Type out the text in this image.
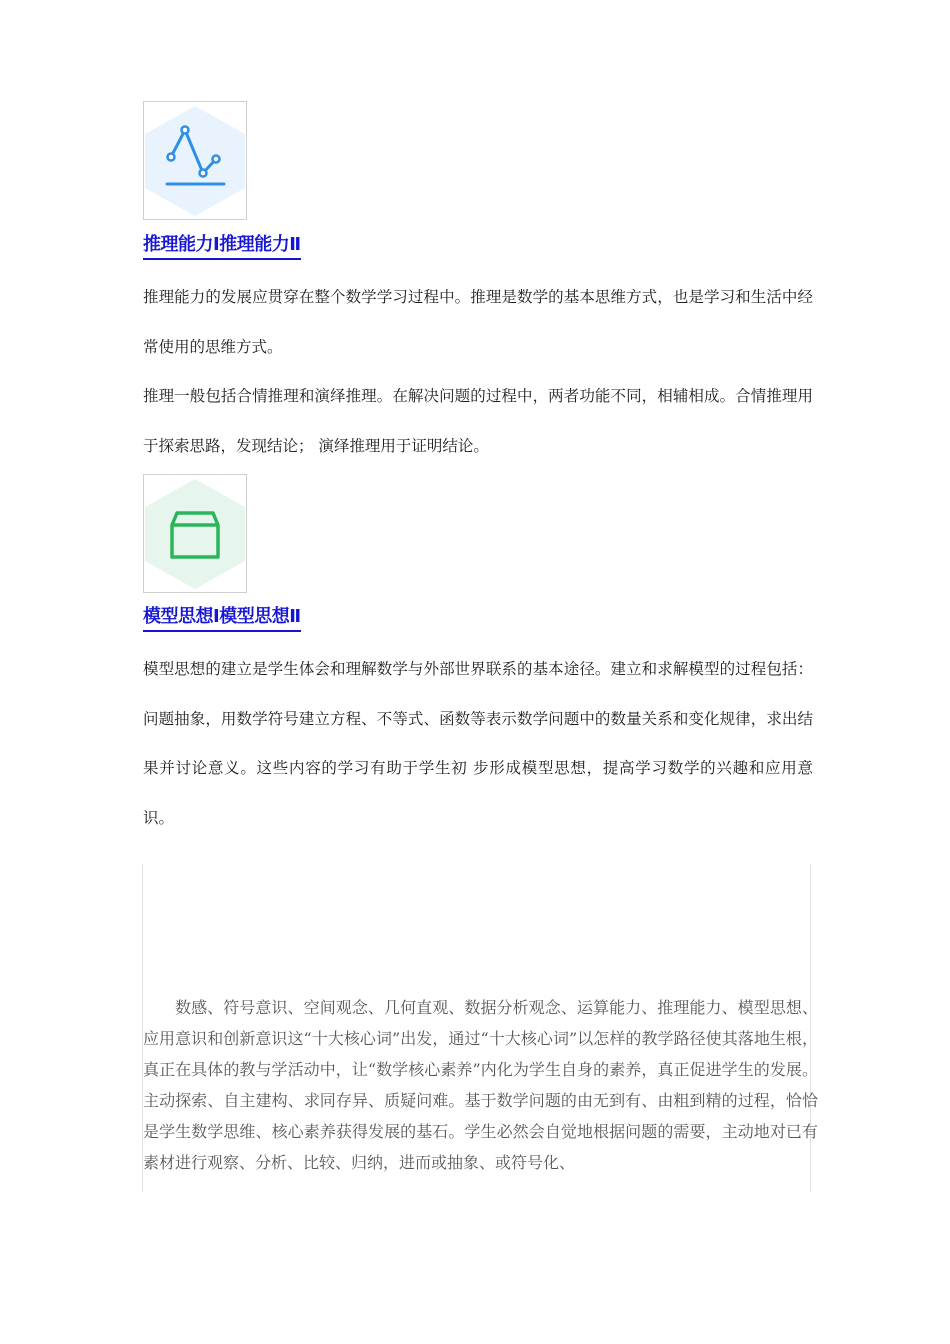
推理能力Ⅰ推理能力Ⅱ

推理能力的发展应贯穿在整个数学学习过程中。推理是数学的基本思维方式，也是学习和生活中经常使用的思维方式。

推理一般包括合情推理和演绎推理。在解决问题的过程中，两者功能不同，相辅相成。合情推理用于探索思路，发现结论； 演绎推理用于证明结论。

模型思想Ⅰ模型思想Ⅱ

模型思想的建立是学生体会和理解数学与外部世界联系的基本途径。建立和求解模型的过程包括：问题抽象，用数学符号建立方程、不等式、函数等表示数学问题中的数量关系和变化规律，求出结果并讨论意义。这些内容的学习有助于学生初 步形成模型思想，提高学习数学的兴趣和应用意识。

数感、符号意识、空间观念、几何直观、数据分析观念、运算能力、推理能力、模型思想、应用意识和创新意识这“十大核心词”出发，通过“十大核心词”以怎样的教学路径使其落地生根，真正在具体的教与学活动中，让“数学核心素养”内化为学生自身的素养，真正促进学生的发展。主动探索、自主建构、求同存异、质疑问难。基于数学问题的由无到有、由粗到精的过程，恰恰是学生数学思维、核心素养获得发展的基石。学生必然会自觉地根据问题的需要，主动地对已有素材进行观察、分析、比较、归纳，进而或抽象、或符号化、
